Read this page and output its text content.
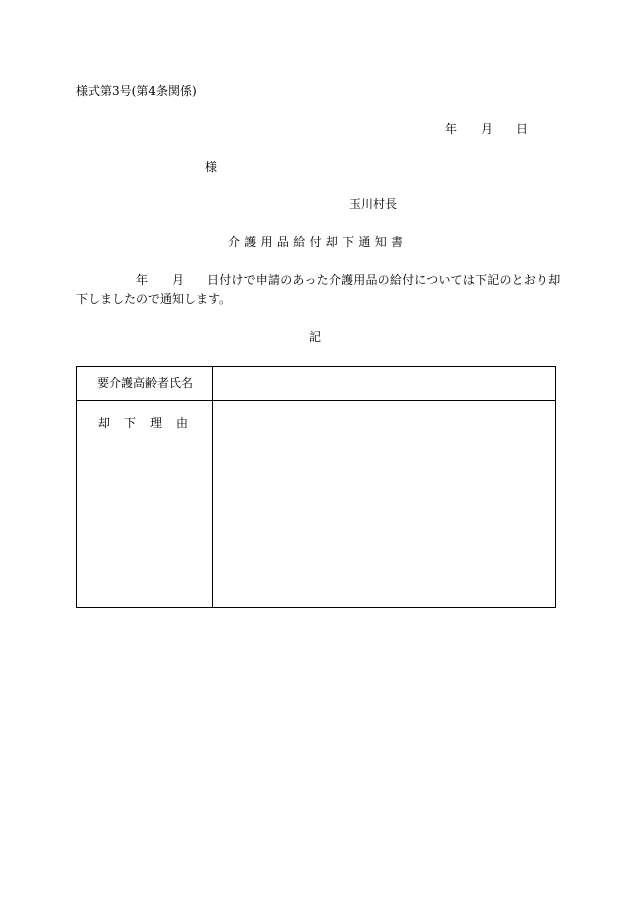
様式第3号(第4条関係)
年 月 日
様
玉川村長
介護用品給付却下通知書
年 月 日付けで申請のあった介護用品の給付については下記のとおり却
下しましたので通知します。
記
要介護高齢者氏名
却下理由
